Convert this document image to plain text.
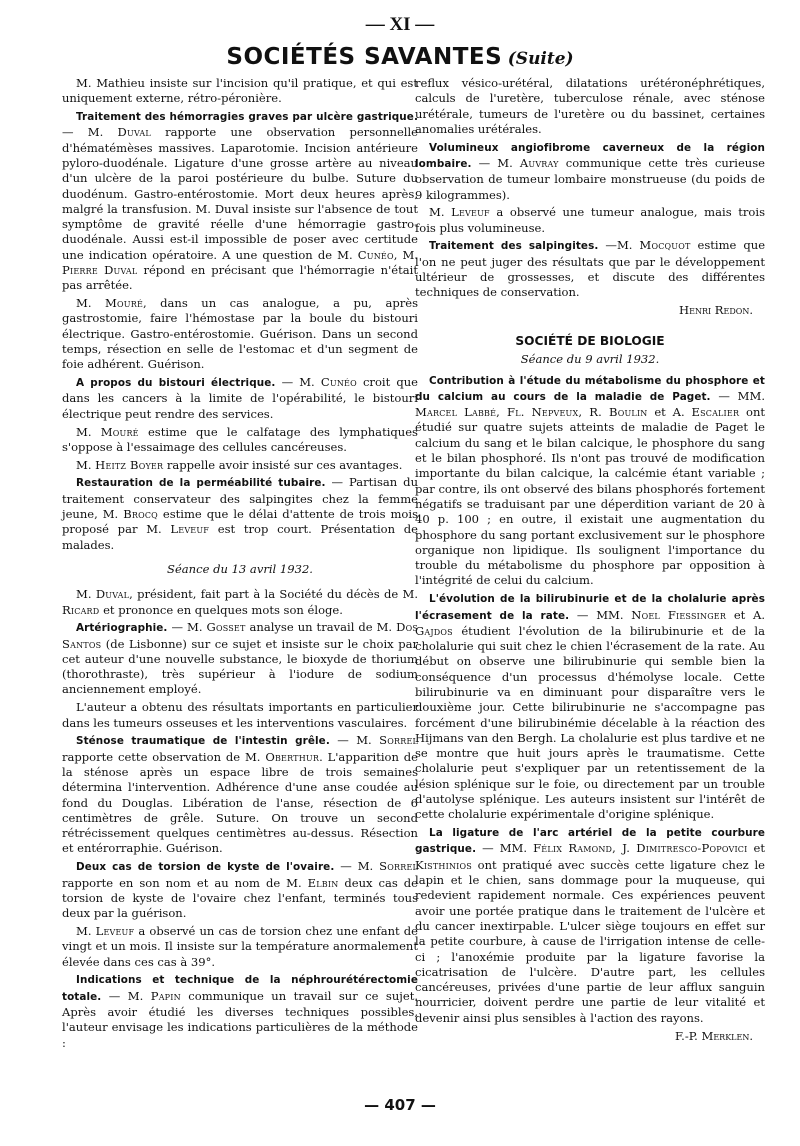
— XI —
SOCIÉTÉS SAVANTES (Suite)

M. Mathieu insiste sur l'incision qu'il pratique, et qui est uniquement externe, rétro-péronière.

Traitement des hémorragies graves par ulcère gastrique. — M. Duval rapporte une observation personnelle d'hématémèses massives. Laparotomie. Incision antérieure pyloro-duodénale. Ligature d'une grosse artère au niveau d'un ulcère de la paroi postérieure du bulbe. Suture du duodénum. Gastro-entérostomie. Mort deux heures après, malgré la transfusion. M. Duval insiste sur l'absence de tout symptôme de gravité réelle d'une hémorragie gastro-duodénale. Aussi est-il impossible de poser avec certitude une indication opératoire. A une question de M. Cunéo, M. Pierre Duval répond en précisant que l'hémorragie n'était pas arrêtée.

M. Mouré, dans un cas analogue, a pu, après gastrostomie, faire l'hémostase par la boule du bistouri électrique. Gastro-entérostomie. Guérison. Dans un second temps, résection en selle de l'estomac et d'un segment de foie adhérent. Guérison.

A propos du bistouri électrique. — M. Cunéo croit que dans les cancers à la limite de l'opérabilité, le bistouri électrique peut rendre des services.

M. Mouré estime que le calfatage des lymphatiques s'oppose à l'essaimage des cellules cancéreuses.

M. Heitz Boyer rappelle avoir insisté sur ces avantages.

Restauration de la perméabilité tubaire. — Partisan du traitement conservateur des salpingites chez la femme jeune, M. Brocq estime que le délai d'attente de trois mois proposé par M. Leveuf est trop court. Présentation de malades.

Séance du 13 avril 1932.

M. Duval, président, fait part à la Société du décès de M. Ricard et prononce en quelques mots son éloge.

Artériographie. — M. Gosset analyse un travail de M. Dos Santos (de Lisbonne) sur ce sujet et insiste sur le choix par cet auteur d'une nouvelle substance, le bioxyde de thorium (thorothraste), très supérieur à l'iodure de sodium anciennement employé.

L'auteur a obtenu des résultats importants en particulier dans les tumeurs osseuses et les interventions vasculaires.

Sténose traumatique de l'intestin grêle. — M. Sorrel rapporte cette observation de M. Oberthur. L'apparition de la sténose après un espace libre de trois semaines détermina l'intervention. Adhérence d'une anse coudée au fond du Douglas. Libération de l'anse, résection de 6 centimètres de grêle. Suture. On trouve un second rétrécissement quelques centimètres au-dessus. Résection et entérorraphie. Guérison.

Deux cas de torsion de kyste de l'ovaire. — M. Sorrel rapporte en son nom et au nom de M. Elbin deux cas de torsion de kyste de l'ovaire chez l'enfant, terminés tous deux par la guérison.

M. Leveuf a observé un cas de torsion chez une enfant de vingt et un mois. Il insiste sur la température anormalement élevée dans ces cas à 39°.

Indications et technique de la néphrourétérectomie totale. — M. Papin communique un travail sur ce sujet. Après avoir étudié les diverses techniques possibles, l'auteur envisage les indications particulières de la méthode :

reflux vésico-urétéral, dilatations urétéronéphrétiques, calculs de l'uretère, tuberculose rénale, avec sténose urétérale, tumeurs de l'uretère ou du bassinet, certaines anomalies urétérales.

Volumineux angiofibrome caverneux de la région lombaire. — M. Auvray communique cette très curieuse observation de tumeur lombaire monstrueuse (du poids de 9 kilogrammes).

M. Leveuf a observé une tumeur analogue, mais trois fois plus volumineuse.

Traitement des salpingites. —M. Mocquot estime que l'on ne peut juger des résultats que par le développement ultérieur de grossesses, et discute des différentes techniques de conservation.

Henri Redon.

SOCIÉTÉ DE BIOLOGIE

Séance du 9 avril 1932.

Contribution à l'étude du métabolisme du phosphore et du calcium au cours de la maladie de Paget. — MM. Marcel Labbé, Fl. Nepveux, R. Boulin et A. Escalier ont étudié sur quatre sujets atteints de maladie de Paget le calcium du sang et le bilan calcique, le phosphore du sang et le bilan phosphoré. Ils n'ont pas trouvé de modification importante du bilan calcique, la calcémie étant variable ; par contre, ils ont observé des bilans phosphorés fortement négatifs se traduisant par une déperdition variant de 20 à 40 p. 100 ; en outre, il existait une augmentation du phosphore du sang portant exclusivement sur le phosphore organique non lipidique. Ils soulignent l'importance du trouble du métabolisme du phosphore par opposition à l'intégrité de celui du calcium.

L'évolution de la bilirubinurie et de la cholalurie après l'écrasement de la rate. — MM. Noel Fiessinger et A. Gajdos étudient l'évolution de la bilirubinurie et de la cholalurie qui suit chez le chien l'écrasement de la rate. Au début on observe une bilirubinurie qui semble bien la conséquence d'un processus d'hémolyse locale. Cette bilirubinurie va en diminuant pour disparaître vers le douxième jour. Cette bilirubinurie ne s'accompagne pas forcément d'une bilirubinémie décelable à la réaction des Hijmans van den Bergh. La cholalurie est plus tardive et ne se montre que huit jours après le traumatisme. Cette cholalurie peut s'expliquer par un retentissement de la lésion splénique sur le foie, ou directement par un trouble d'autolyse splénique. Les auteurs insistent sur l'intérêt de cette cholalurie expérimentale d'origine splénique.

La ligature de l'arc artériel de la petite courbure gastrique. — MM. Félix Ramond, J. Dimitresco-Popovici et Kisthinios ont pratiqué avec succès cette ligature chez le lapin et le chien, sans dommage pour la muqueuse, qui redevient rapidement normale. Ces expériences peuvent avoir une portée pratique dans le traitement de l'ulcère et du cancer inextirpable. L'ulcer siège toujours en effet sur la petite courbure, à cause de l'irrigation intense de celle-ci ; l'anoxémie produite par la ligature favorise la cicatrisation de l'ulcère. D'autre part, les cellules cancéreuses, privées d'une partie de leur afflux sanguin nourricier, doivent perdre une partie de leur vitalité et devenir ainsi plus sensibles à l'action des rayons.

F.-P. Merklen.

— 407 —
